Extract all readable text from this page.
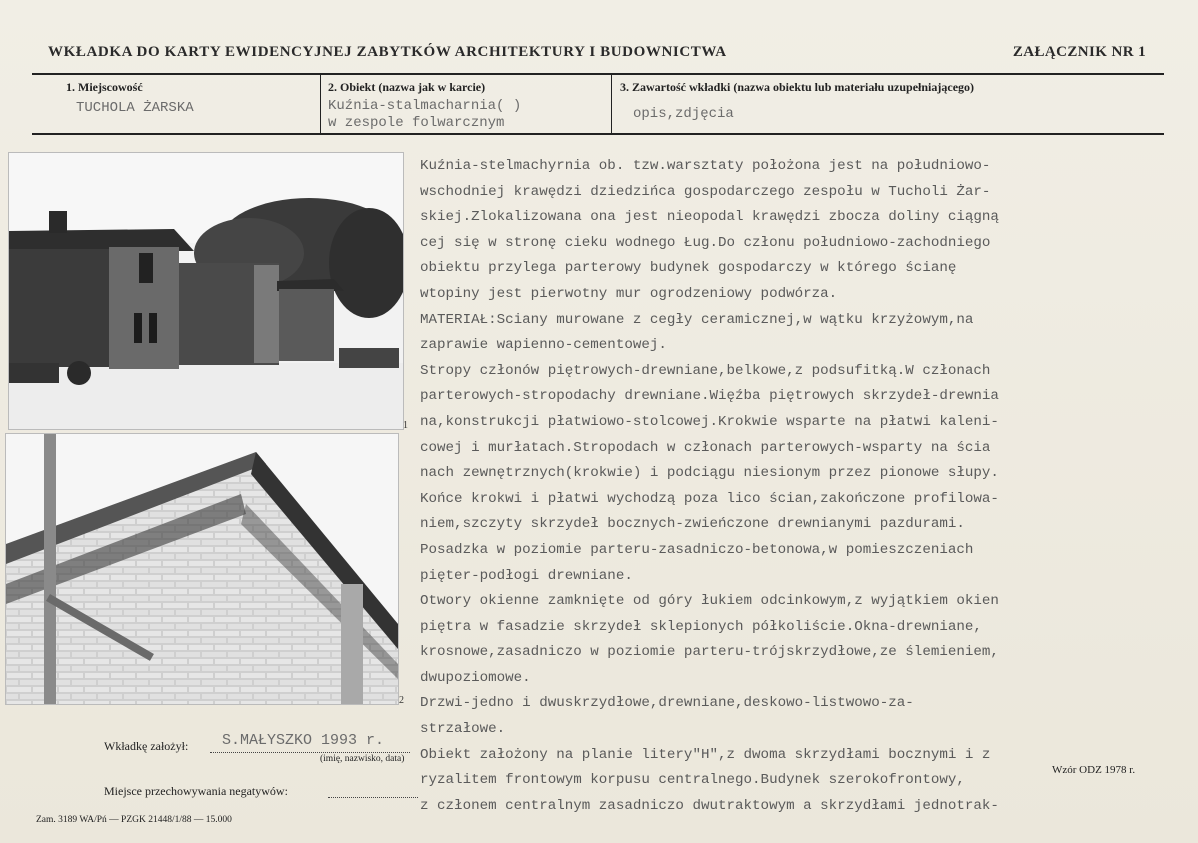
WKŁADKA DO KARTY EWIDENCYJNEJ ZABYTKÓW ARCHITEKTURY I BUDOWNICTWA	ZAŁĄCZNIK NR 1
1. Miejscowość
TUCHOLA ŻARSKA
2. Obiekt (nazwa jak w karcie)
Kuźnia-stalmacharnia( )
w zespole folwarcznym
3. Zawartość wkładki (nazwa obiektu lub materiału uzupełniającego)
opis,zdjęcia
1
2
Kuźnia-stelmachyrnia ob. tzw.warsztaty położona jest na południowo-
wschodniej krawędzi dziedzińca gospodarczego zespołu w Tucholi Żar-
skiej.Zlokalizowana ona jest nieopodal krawędzi zbocza doliny ciągną
cej się w stronę cieku wodnego Ług.Do członu południowo-zachodniego
obiektu przylega parterowy budynek gospodarczy w którego ścianę
wtopiny jest pierwotny mur ogrodzeniowy podwórza.
MATERIAŁ:Sciany murowane z cegły ceramicznej,w wątku krzyżowym,na
zaprawie wapienno-cementowej.
Stropy członów piętrowych-drewniane,belkowe,z podsufitką.W członach
parterowych-stropodachy drewniane.Więźba piętrowych skrzydeł-drewnia
na,konstrukcji płatwiowo-stolcowej.Krokwie wsparte na płatwi kaleni-
cowej i murłatach.Stropodach w członach parterowych-wsparty na ścia
nach zewnętrznych(krokwie) i podciągu niesionym przez pionowe słupy.
Końce krokwi i płatwi wychodzą poza lico ścian,zakończone profilowa-
niem,szczyty skrzydeł bocznych-zwieńczone drewnianymi pazdurami.
Posadzka w poziomie parteru-zasadniczo-betonowa,w pomieszczeniach
pięter-podłogi drewniane.
Otwory okienne zamknięte od góry łukiem odcinkowym,z wyjątkiem okien
piętra w fasadzie skrzydeł sklepionych półkoliście.Okna-drewniane,
krosnowe,zasadniczo w poziomie parteru-trójskrzydłowe,ze ślemieniem,
dwupoziomowe.
Drzwi-jedno i dwuskrzydłowe,drewniane,deskowo-listwowo-za-
strzałowe.
Obiekt założony na planie litery"H",z dwoma skrzydłami bocznymi i z
ryzalitem frontowym korpusu centralnego.Budynek szerokofrontowy,
z członem centralnym zasadniczo dwutraktowym a skrzydłami jednotrak-
Wkładkę założył: S.MAŁYSZKO 1993 r.
(imię, nazwisko, data)
Miejsce przechowywania negatywów:
Wzór ODZ 1978 r.
Zam. 3189 WA/Pń — PZGK 21448/1/88 — 15.000
